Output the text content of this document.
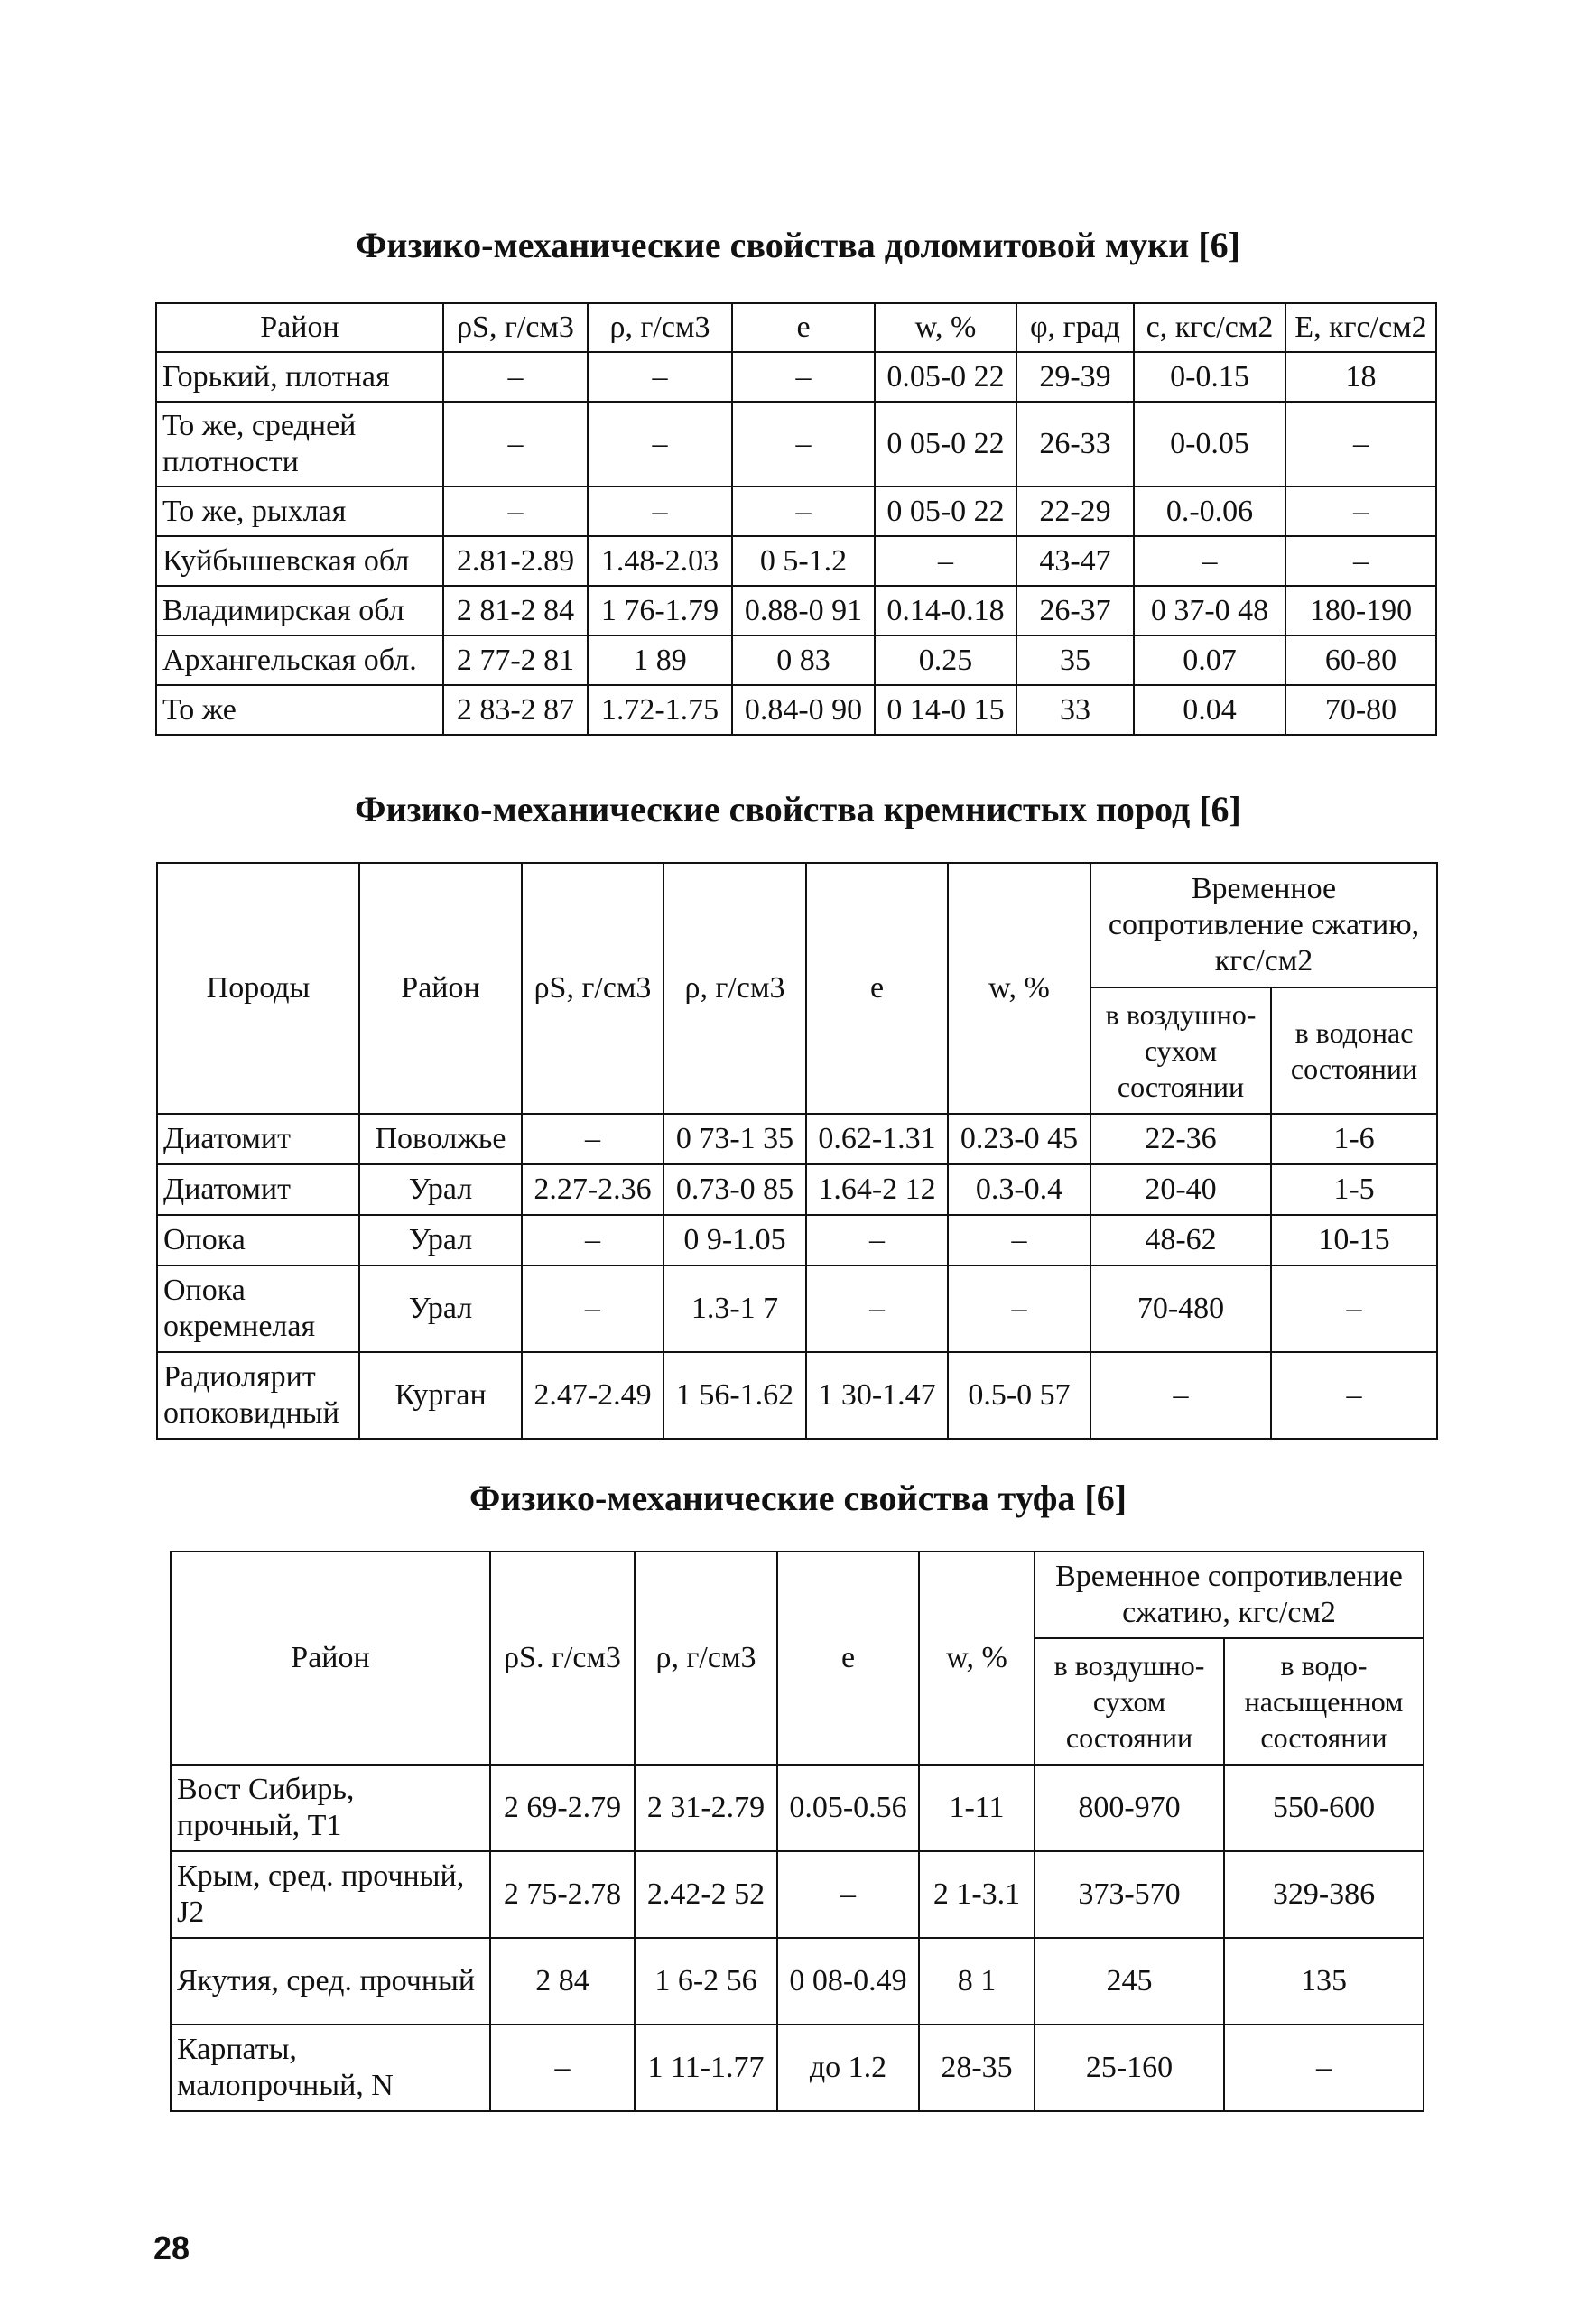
Физико-механические свойства доломитовой муки [6]
Район	ρS, г/см3	ρ, г/см3	e	w, %	φ, град	c, кгс/см2	E, кгс/см2
Горький, плотная	–	–	–	0.05-0 22	29-39	0-0.15	18
То же, средней плотности	–	–	–	0 05-0 22	26-33	0-0.05	–
То же, рыхлая	–	–	–	0 05-0 22	22-29	0.-0.06	–
Куйбышевская обл	2.81-2.89	1.48-2.03	0 5-1.2	–	43-47	–	–
Владимирская обл	2 81-2 84	1 76-1.79	0.88-0 91	0.14-0.18	26-37	0 37-0 48	180-190
Архангельская обл.	2 77-2 81	1 89	0 83	0.25	35	0.07	60-80
То же	2 83-2 87	1.72-1.75	0.84-0 90	0 14-0 15	33	0.04	70-80
Физико-механические свойства кремнистых пород [6]
Породы	Район	ρS, г/см3	ρ, г/см3	e	w, %	Временное сопротивление сжатию, кгс/см2	
						в воздушно-сухом состоянии	в водонас состоянии
Диатомит	Поволжье	–	0 73-1 35	0.62-1.31	0.23-0 45	22-36	1-6
Диатомит	Урал	2.27-2.36	0.73-0 85	1.64-2 12	0.3-0.4	20-40	1-5
Опока	Урал	–	0 9-1.05	–	–	48-62	10-15
Опока окремнелая	Урал	–	1.3-1 7	–	–	70-480	–
Радиолярит опоковидный	Курган	2.47-2.49	1 56-1.62	1 30-1.47	0.5-0 57	–	–
Физико-механические свойства туфа [6]
Район	ρS. г/см3	ρ, г/см3	e	w, %	Временное сопротивление сжатию, кгс/см2	
					в воздушно-сухом состоянии	в водо-насыщенном состоянии
Вост Сибирь, прочный, T1	2 69-2.79	2 31-2.79	0.05-0.56	1-11	800-970	550-600
Крым, сред. прочный, J2	2 75-2.78	2.42-2 52	–	2 1-3.1	373-570	329-386
Якутия, сред. прочный	2 84	1 6-2 56	0 08-0.49	8 1	245	135
Карпаты, малопрочный, N	–	1 11-1.77	до 1.2	28-35	25-160	–
28
